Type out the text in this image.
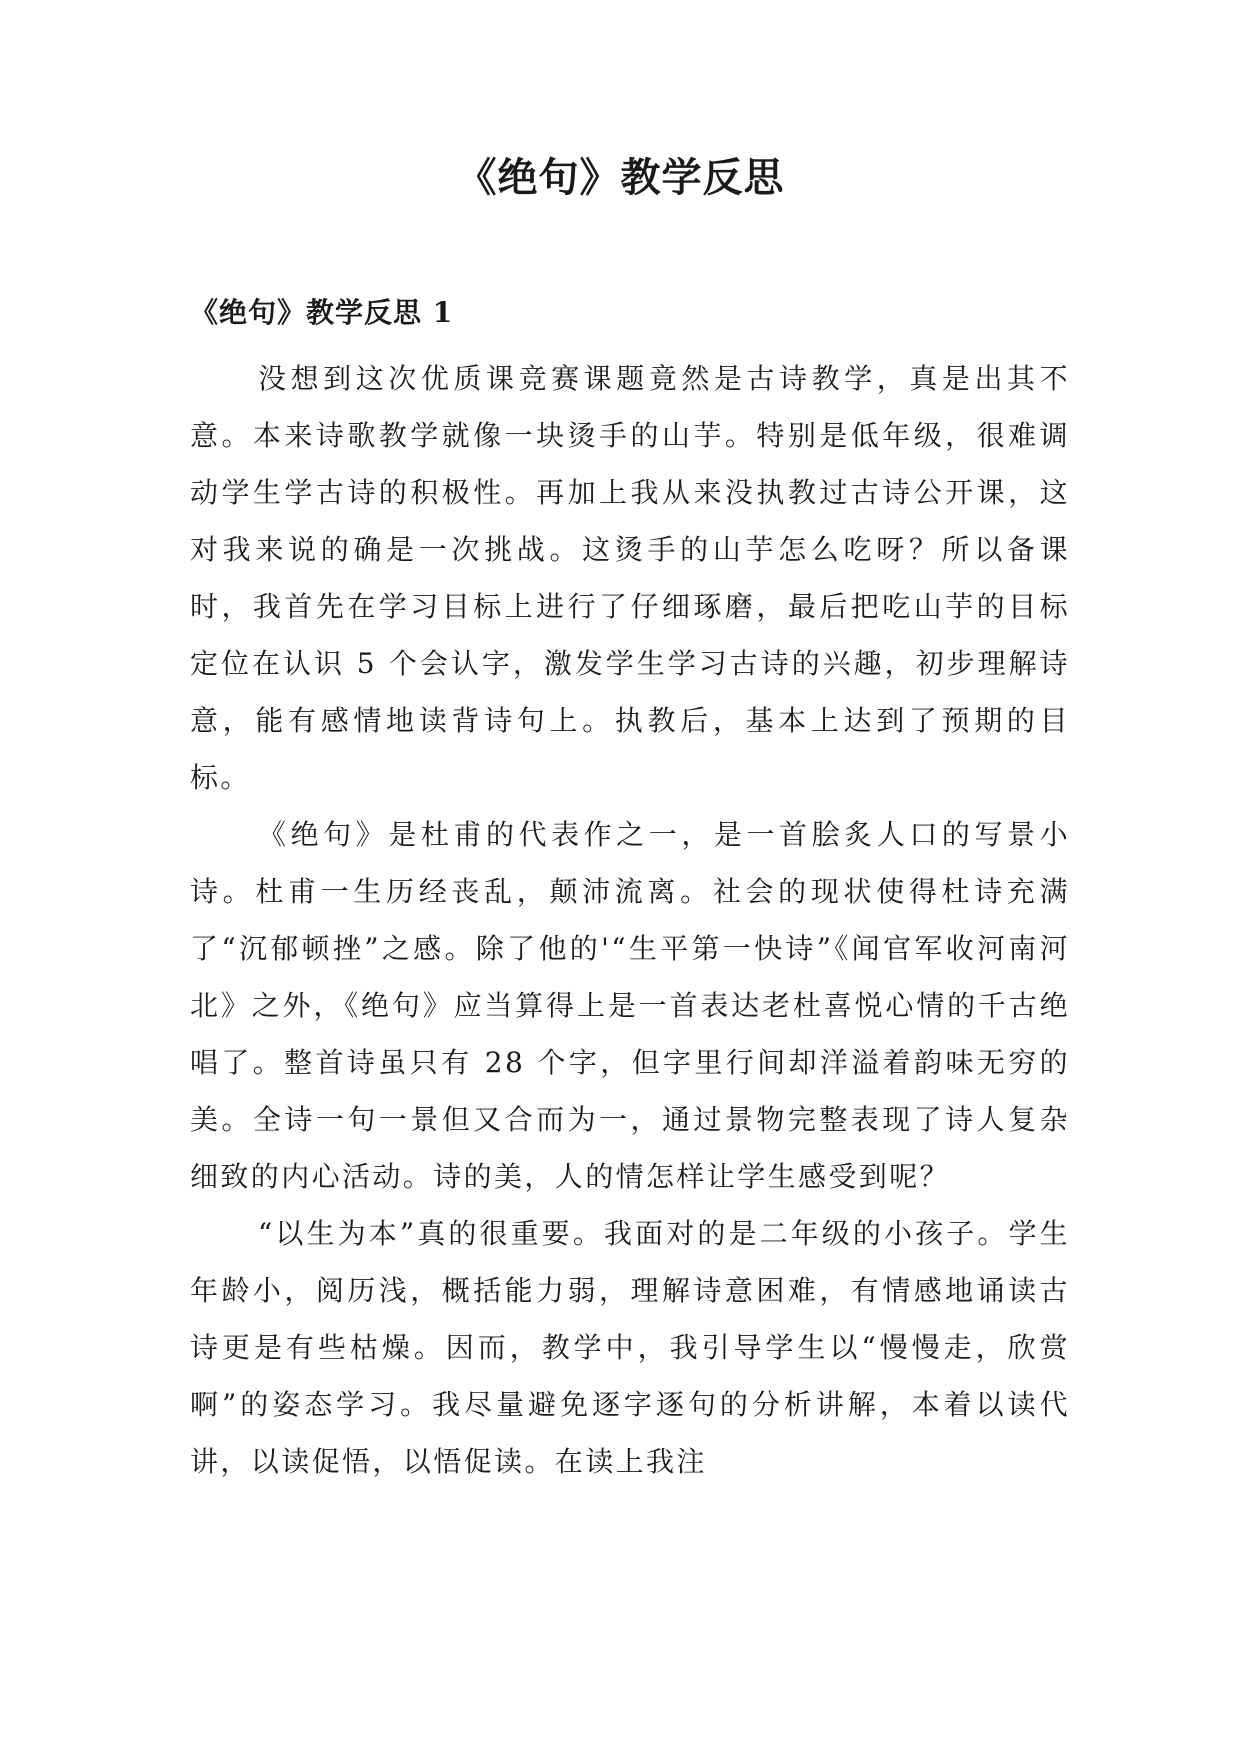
《绝句》教学反思
《绝句》教学反思 1

没想到这次优质课竞赛课题竟然是古诗教学，真是出其不意。本来诗歌教学就像一块烫手的山芋。特别是低年级，很难调动学生学古诗的积极性。再加上我从来没执教过古诗公开课，这对我来说的确是一次挑战。这烫手的山芋怎么吃呀？所以备课时，我首先在学习目标上进行了仔细琢磨，最后把吃山芋的目标定位在认识 5 个会认字，激发学生学习古诗的兴趣，初步理解诗意，能有感情地读背诗句上。执教后，基本上达到了预期的目标。

《绝句》是杜甫的代表作之一，是一首脍炙人口的写景小诗。杜甫一生历经丧乱，颠沛流离。社会的现状使得杜诗充满了“沉郁顿挫”之感。除了他的'“生平第一快诗”《闻官军收河南河北》之外，《绝句》应当算得上是一首表达老杜喜悦心情的千古绝唱了。整首诗虽只有 28 个字，但字里行间却洋溢着韵味无穷的美。全诗一句一景但又合而为一，通过景物完整表现了诗人复杂细致的内心活动。诗的美，人的情怎样让学生感受到呢？

“以生为本”真的很重要。我面对的是二年级的小孩子。学生年龄小，阅历浅，概括能力弱，理解诗意困难，有情感地诵读古诗更是有些枯燥。因而，教学中，我引导学生以“慢慢走，欣赏啊”的姿态学习。我尽量避免逐字逐句的分析讲解，本着以读代讲，以读促悟，以悟促读。在读上我注
